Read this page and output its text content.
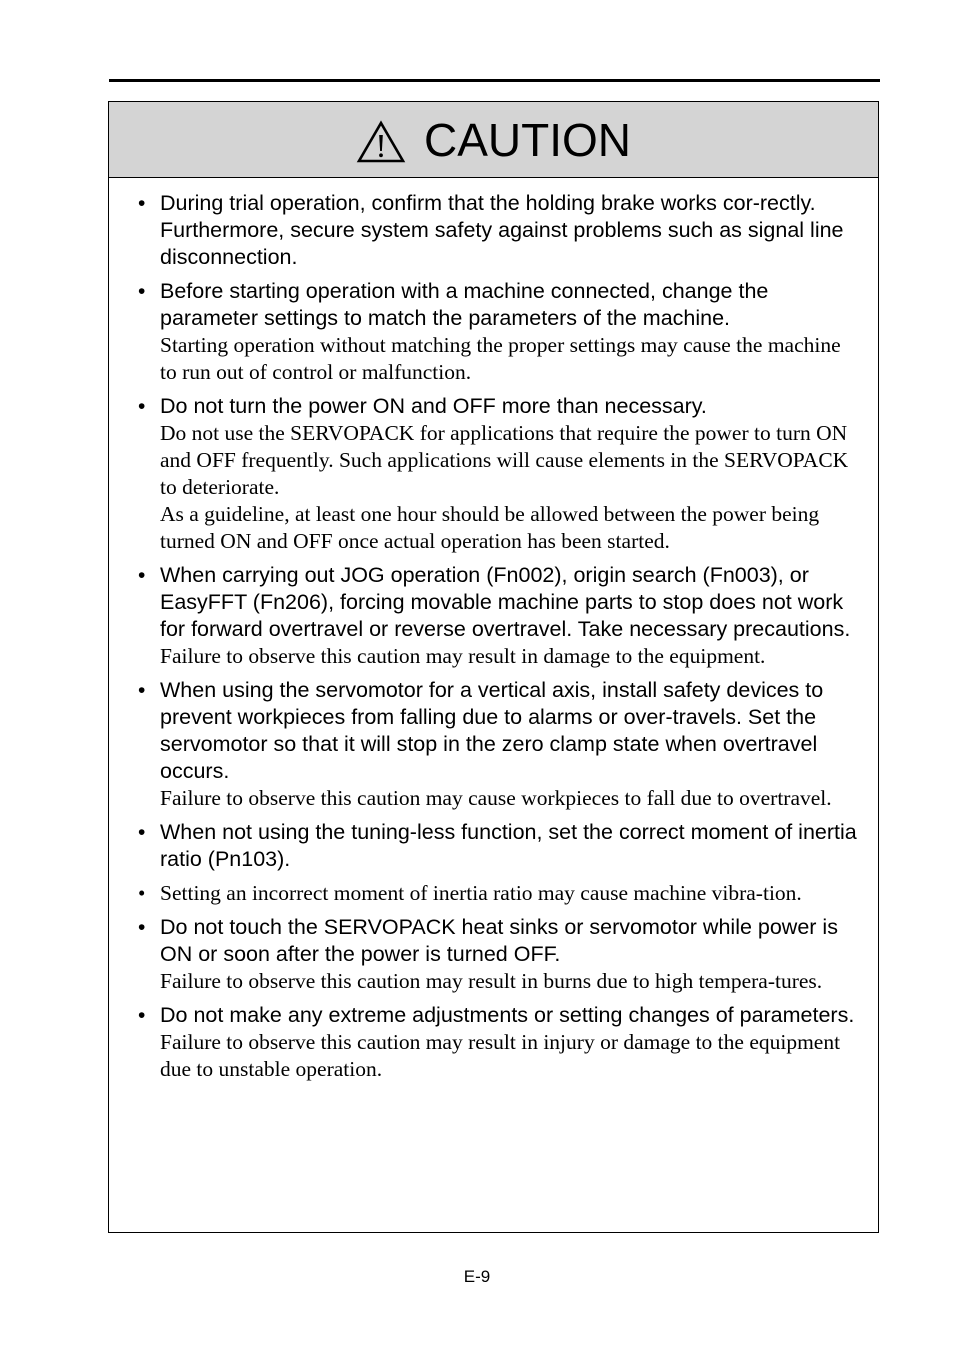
CAUTION
• During trial operation, confirm that the holding brake works cor-rectly. Furthermore, secure system safety against problems such as signal line disconnection.
• Before starting operation with a machine connected, change the parameter settings to match the parameters of the machine.
Starting operation without matching the proper settings may cause the machine to run out of control or malfunction.
• Do not turn the power ON and OFF more than necessary.
Do not use the SERVOPACK for applications that require the power to turn ON and OFF frequently. Such applications will cause elements in the SERVOPACK to deteriorate.
As a guideline, at least one hour should be allowed between the power being turned ON and OFF once actual operation has been started.
• When carrying out JOG operation (Fn002), origin search (Fn003), or EasyFFT (Fn206), forcing movable machine parts to stop does not work for forward overtravel or reverse overtravel. Take necessary precautions.
Failure to observe this caution may result in damage to the equipment.
• When using the servomotor for a vertical axis, install safety devices to prevent workpieces from falling due to alarms or over-travels. Set the servomotor so that it will stop in the zero clamp state when overtravel occurs.
Failure to observe this caution may cause workpieces to fall due to overtravel.
• When not using the tuning-less function, set the correct moment of inertia ratio (Pn103).
• Setting an incorrect moment of inertia ratio may cause machine vibra-tion.
• Do not touch the SERVOPACK heat sinks or servomotor while power is ON or soon after the power is turned OFF.
Failure to observe this caution may result in burns due to high tempera-tures.
• Do not make any extreme adjustments or setting changes of parameters.
Failure to observe this caution may result in injury or damage to the equipment due to unstable operation.
E-9
